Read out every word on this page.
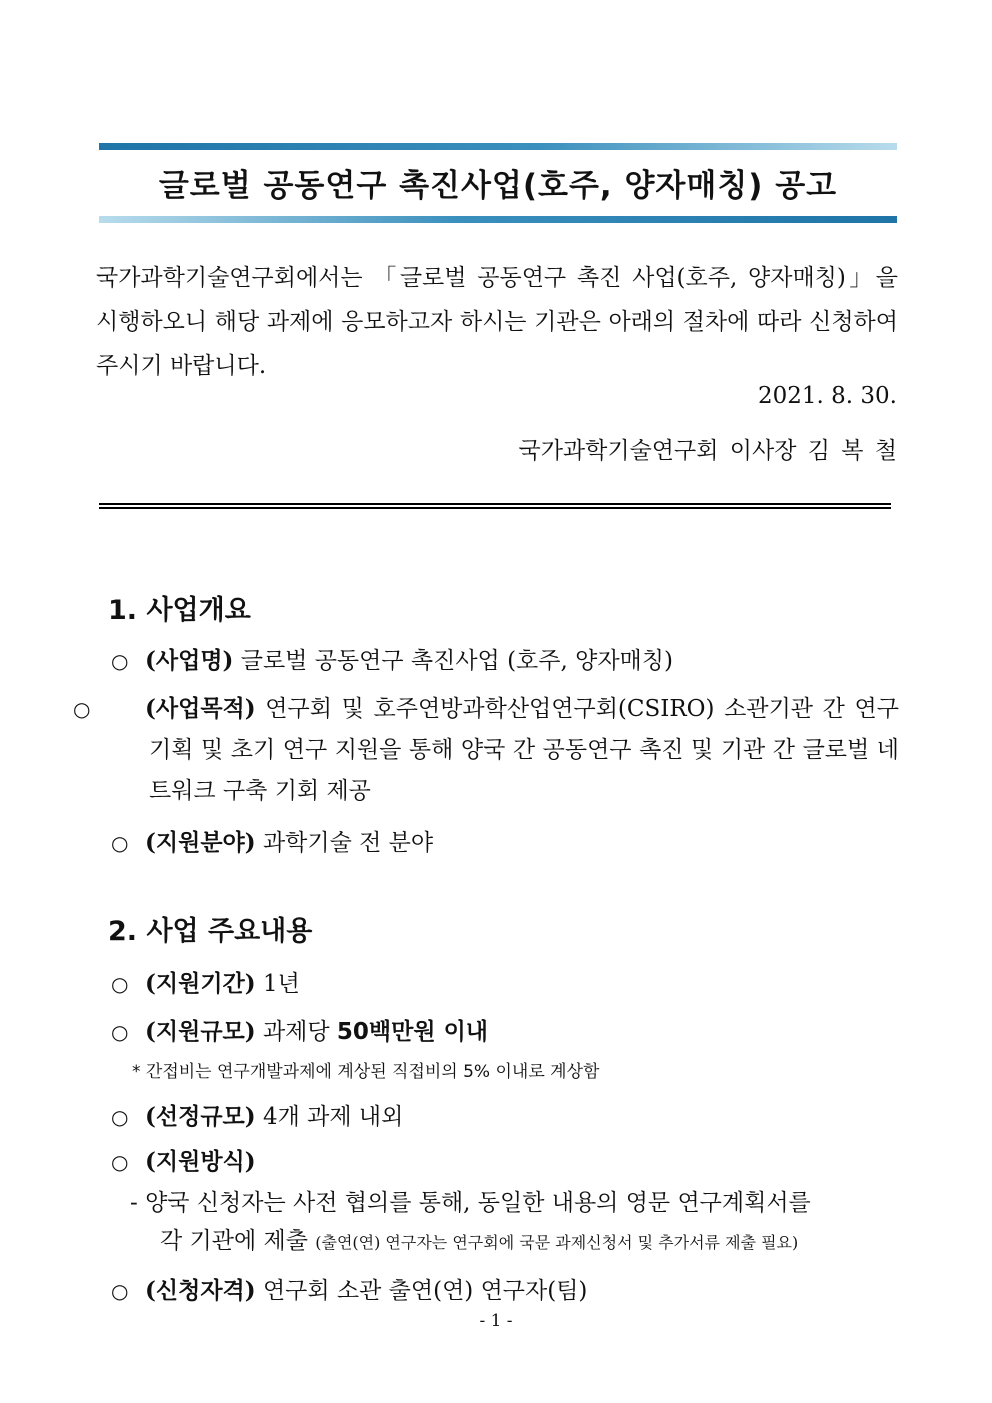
글로벌 공동연구 촉진사업(호주, 양자매칭) 공고
국가과학기술연구회에서는 「글로벌 공동연구 촉진 사업(호주, 양자매칭)」을 시행하오니 해당 과제에 응모하고자 하시는 기관은 아래의 절차에 따라 신청하여 주시기 바랍니다.
2021. 8. 30.
국가과학기술연구회 이사장 김 복 철
1. 사업개요
○ (사업명) 글로벌 공동연구 촉진사업 (호주, 양자매칭)
○ (사업목적) 연구회 및 호주연방과학산업연구회(CSIRO) 소관기관 간 연구 기획 및 초기 연구 지원을 통해 양국 간 공동연구 촉진 및 기관 간 글로벌 네트워크 구축 기회 제공
○ (지원분야) 과학기술 전 분야
2. 사업 주요내용
○ (지원기간) 1년
○ (지원규모) 과제당 50백만원 이내
* 간접비는 연구개발과제에 계상된 직접비의 5% 이내로 계상함
○ (선정규모) 4개 과제 내외
○ (지원방식)
- 양국 신청자는 사전 협의를 통해, 동일한 내용의 영문 연구계획서를
각 기관에 제출 (출연(연) 연구자는 연구회에 국문 과제신청서 및 추가서류 제출 필요)
○ (신청자격) 연구회 소관 출연(연) 연구자(팀)
- 1 -
